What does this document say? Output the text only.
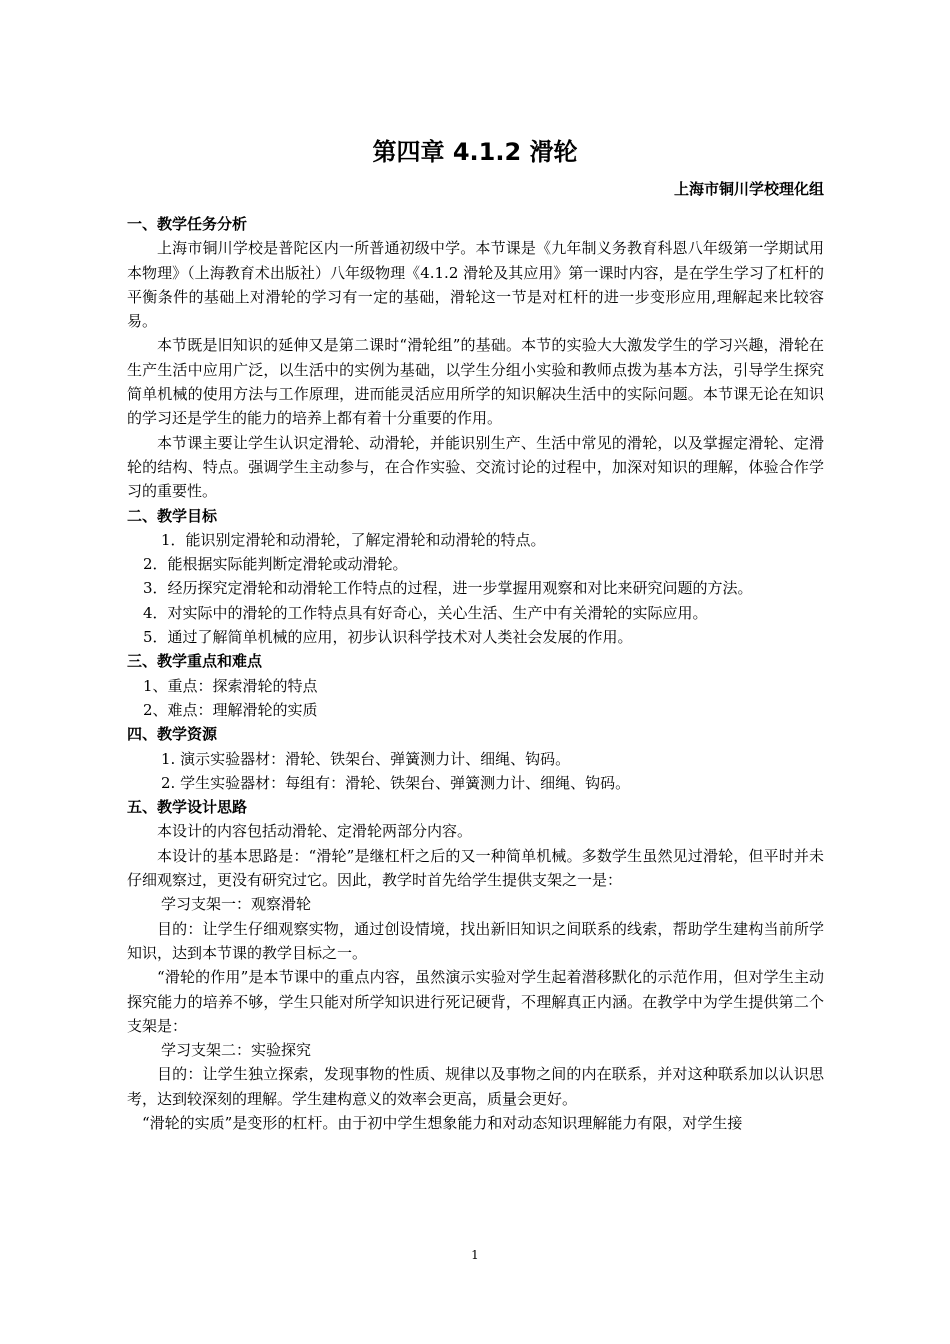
第四章 4.1.2 滑轮
上海市铜川学校理化组
一、教学任务分析
上海市铜川学校是普陀区内一所普通初级中学。本节课是《九年制义务教育科恩八年级第一学期试用本物理》（上海教育术出版社）八年级物理《4.1.2 滑轮及其应用》第一课时内容，是在学生学习了杠杆的平衡条件的基础上对滑轮的学习有一定的基础，滑轮这一节是对杠杆的进一步变形应用,理解起来比较容易。
本节既是旧知识的延伸又是第二课时“滑轮组”的基础。本节的实验大大激发学生的学习兴趣，滑轮在生产生活中应用广泛，以生活中的实例为基础，以学生分组小实验和教师点拨为基本方法，引导学生探究简单机械的使用方法与工作原理，进而能灵活应用所学的知识解决生活中的实际问题。本节课无论在知识的学习还是学生的能力的培养上都有着十分重要的作用。
本节课主要让学生认识定滑轮、动滑轮，并能识别生产、生活中常见的滑轮，以及掌握定滑轮、定滑轮的结构、特点。强调学生主动参与，在合作实验、交流讨论的过程中，加深对知识的理解，体验合作学习的重要性。
二、教学目标
1．能识别定滑轮和动滑轮，了解定滑轮和动滑轮的特点。
2．能根据实际能判断定滑轮或动滑轮。
3．经历探究定滑轮和动滑轮工作特点的过程，进一步掌握用观察和对比来研究问题的方法。
4．对实际中的滑轮的工作特点具有好奇心，关心生活、生产中有关滑轮的实际应用。
5．通过了解简单机械的应用，初步认识科学技术对人类社会发展的作用。
三、教学重点和难点
1、重点：探索滑轮的特点
2、难点：理解滑轮的实质
四、教学资源
1. 演示实验器材：滑轮、铁架台、弹簧测力计、细绳、钩码。
2. 学生实验器材：每组有：滑轮、铁架台、弹簧测力计、细绳、钩码。
五、教学设计思路
本设计的内容包括动滑轮、定滑轮两部分内容。
本设计的基本思路是：“滑轮”是继杠杆之后的又一种简单机械。多数学生虽然见过滑轮，但平时并未仔细观察过，更没有研究过它。因此，教学时首先给学生提供支架之一是：
学习支架一：观察滑轮
目的：让学生仔细观察实物，通过创设情境，找出新旧知识之间联系的线索，帮助学生建构当前所学知识，达到本节课的教学目标之一。
“滑轮的作用”是本节课中的重点内容，虽然演示实验对学生起着潜移默化的示范作用，但对学生主动探究能力的培养不够，学生只能对所学知识进行死记硬背，不理解真正内涵。在教学中为学生提供第二个支架是：
学习支架二：实验探究
目的：让学生独立探索，发现事物的性质、规律以及事物之间的内在联系，并对这种联系加以认识思考，达到较深刻的理解。学生建构意义的效率会更高，质量会更好。
“滑轮的实质”是变形的杠杆。由于初中学生想象能力和对动态知识理解能力有限，对学生接
1
